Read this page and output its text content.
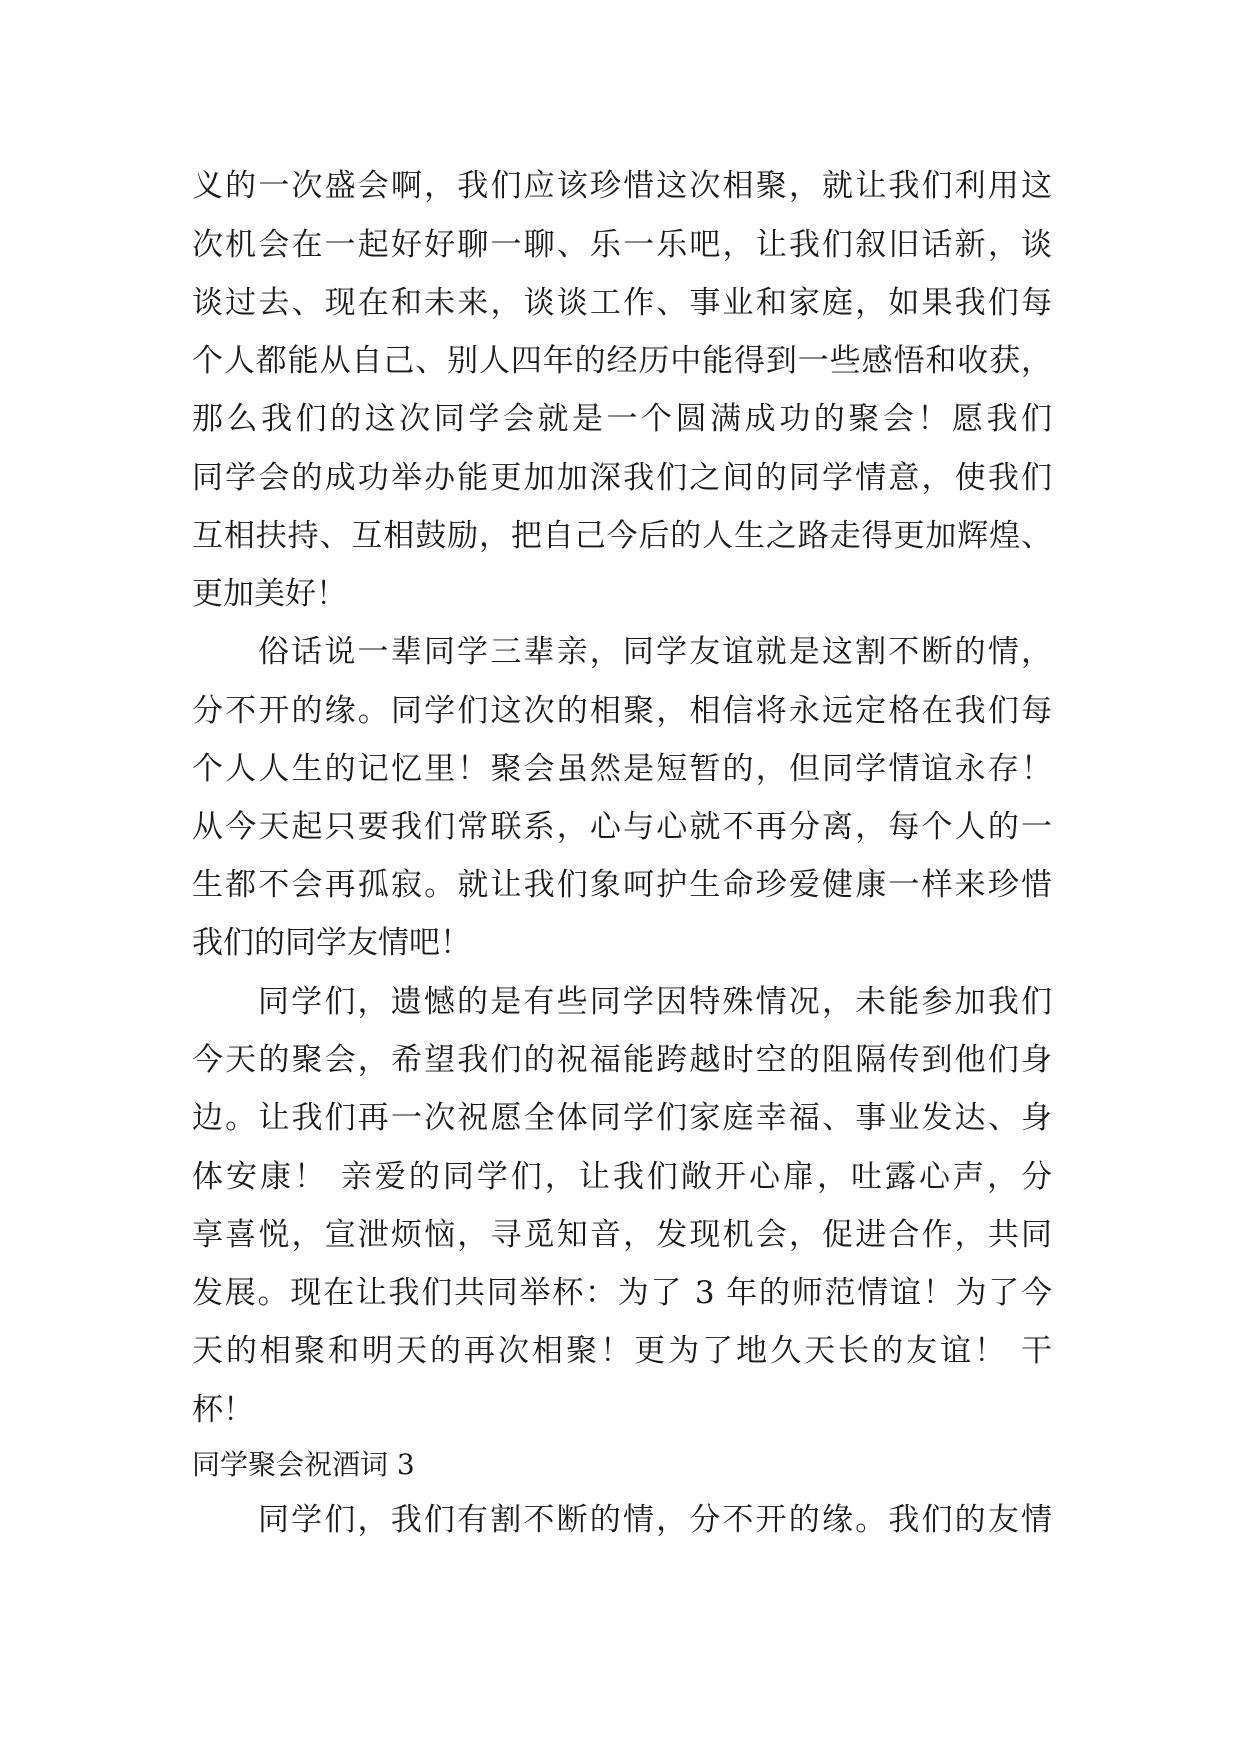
义的一次盛会啊，我们应该珍惜这次相聚，就让我们利用这
次机会在一起好好聊一聊、乐一乐吧，让我们叙旧话新，谈
谈过去、现在和未来，谈谈工作、事业和家庭，如果我们每
个人都能从自己、别人四年的经历中能得到一些感悟和收获，
那么我们的这次同学会就是一个圆满成功的聚会！愿我们
同学会的成功举办能更加加深我们之间的同学情意，使我们
互相扶持、互相鼓励，把自己今后的人生之路走得更加辉煌、
更加美好！
俗话说一辈同学三辈亲，同学友谊就是这割不断的情，
分不开的缘。同学们这次的相聚，相信将永远定格在我们每
个人人生的记忆里！聚会虽然是短暂的，但同学情谊永存！
从今天起只要我们常联系，心与心就不再分离，每个人的一
生都不会再孤寂。就让我们象呵护生命珍爱健康一样来珍惜
我们的同学友情吧！
同学们，遗憾的是有些同学因特殊情况，未能参加我们
今天的聚会，希望我们的祝福能跨越时空的阻隔传到他们身
边。让我们再一次祝愿全体同学们家庭幸福、事业发达、身
体安康！ 亲爱的同学们，让我们敞开心扉，吐露心声，分
享喜悦，宣泄烦恼，寻觅知音，发现机会，促进合作，共同
发展。现在让我们共同举杯：为了 3 年的师范情谊！为了今
天的相聚和明天的再次相聚！更为了地久天长的友谊！ 干
杯！
同学聚会祝酒词 3
同学们，我们有割不断的情，分不开的缘。我们的友情
